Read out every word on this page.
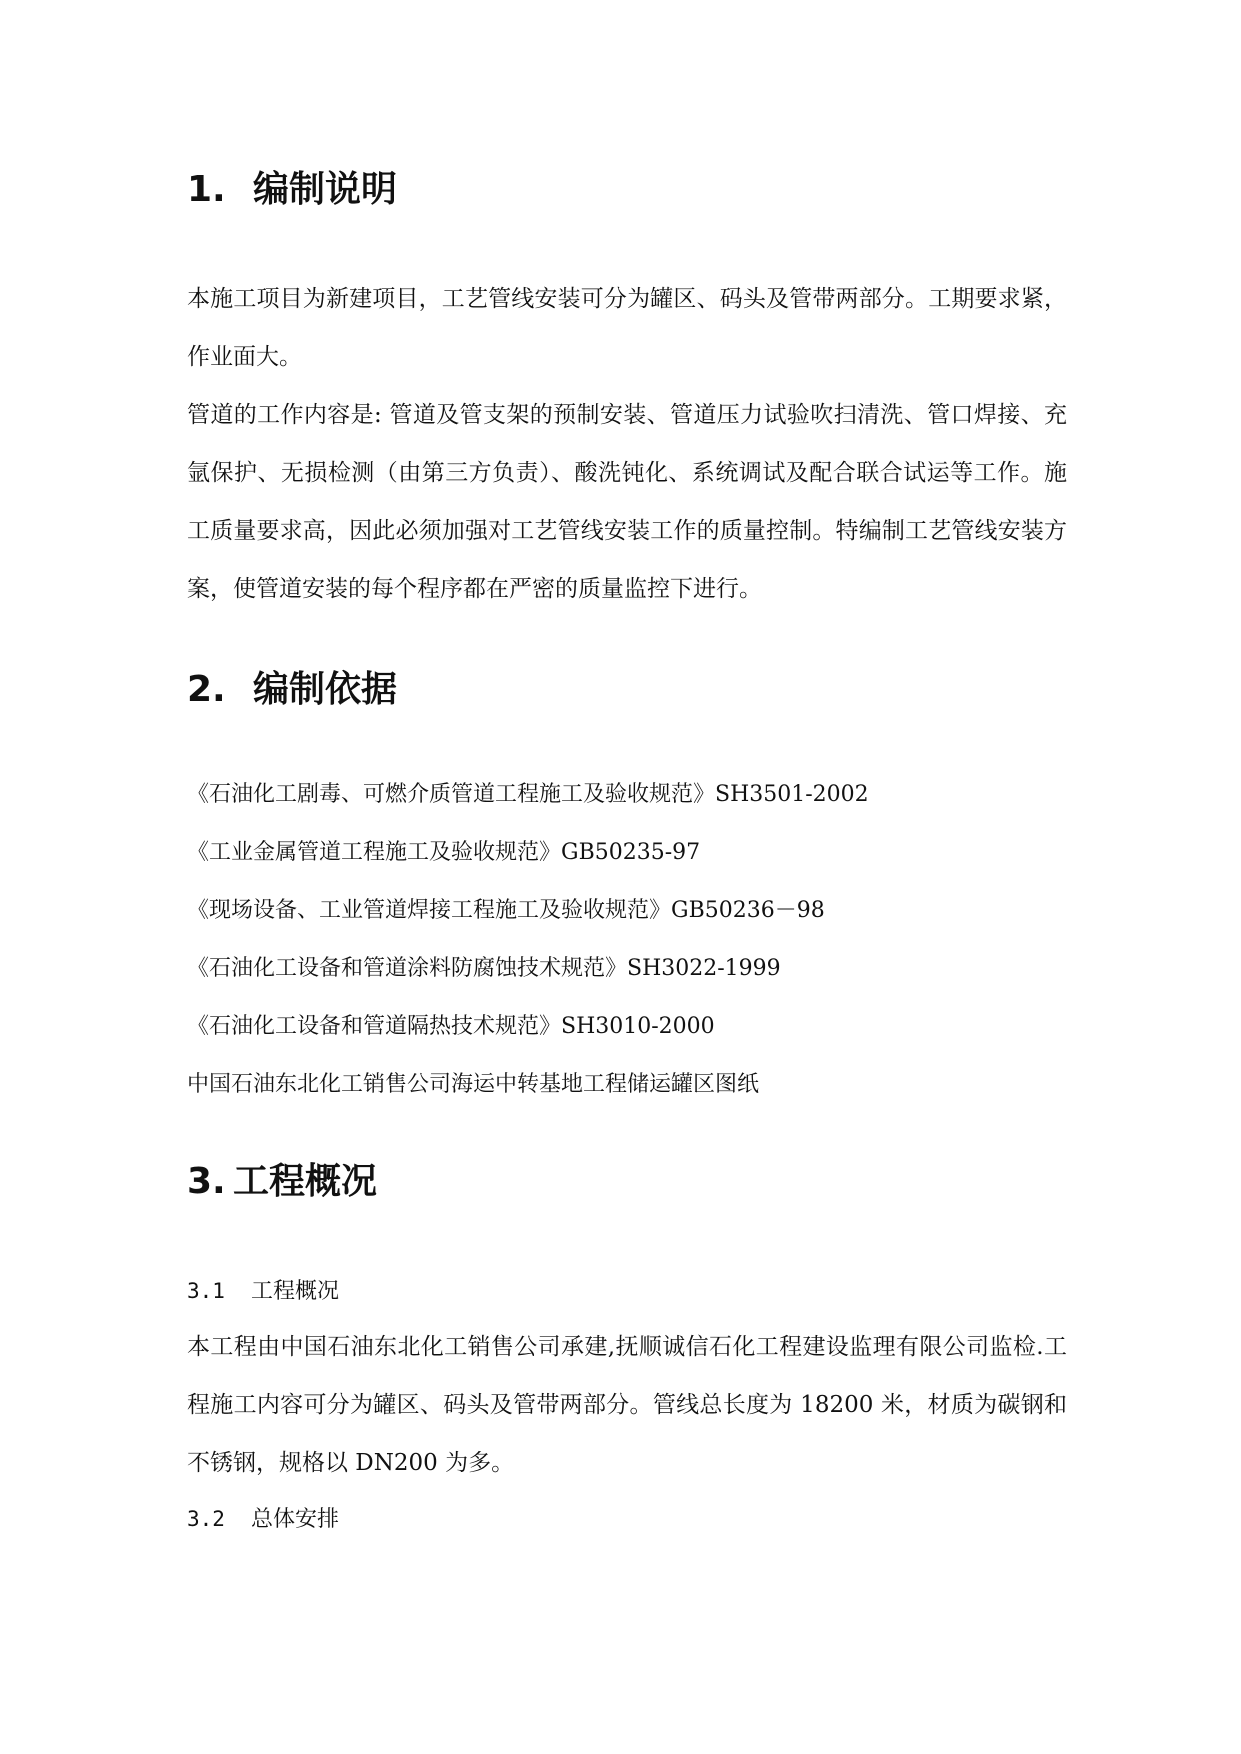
1. 编制说明

本施工项目为新建项目，工艺管线安装可分为罐区、码头及管带两部分。工期要求紧，作业面大。

管道的工作内容是: 管道及管支架的预制安装、管道压力试验吹扫清洗、管口焊接、充氩保护、无损检测（由第三方负责）、酸洗钝化、系统调试及配合联合试运等工作。施工质量要求高，因此必须加强对工艺管线安装工作的质量控制。特编制工艺管线安装方案，使管道安装的每个程序都在严密的质量监控下进行。

2. 编制依据
《石油化工剧毒、可燃介质管道工程施工及验收规范》SH3501-2002
《工业金属管道工程施工及验收规范》GB50235-97
《现场设备、工业管道焊接工程施工及验收规范》GB50236－98
《石油化工设备和管道涂料防腐蚀技术规范》SH3022-1999
《石油化工设备和管道隔热技术规范》SH3010-2000
中国石油东北化工销售公司海运中转基地工程储运罐区图纸
3. 工程概况
3.1 工程概况

本工程由中国石油东北化工销售公司承建,抚顺诚信石化工程建设监理有限公司监检.工程施工内容可分为罐区、码头及管带两部分。管线总长度为 18200 米，材质为碳钢和不锈钢，规格以 DN200 为多。

3.2 总体安排
